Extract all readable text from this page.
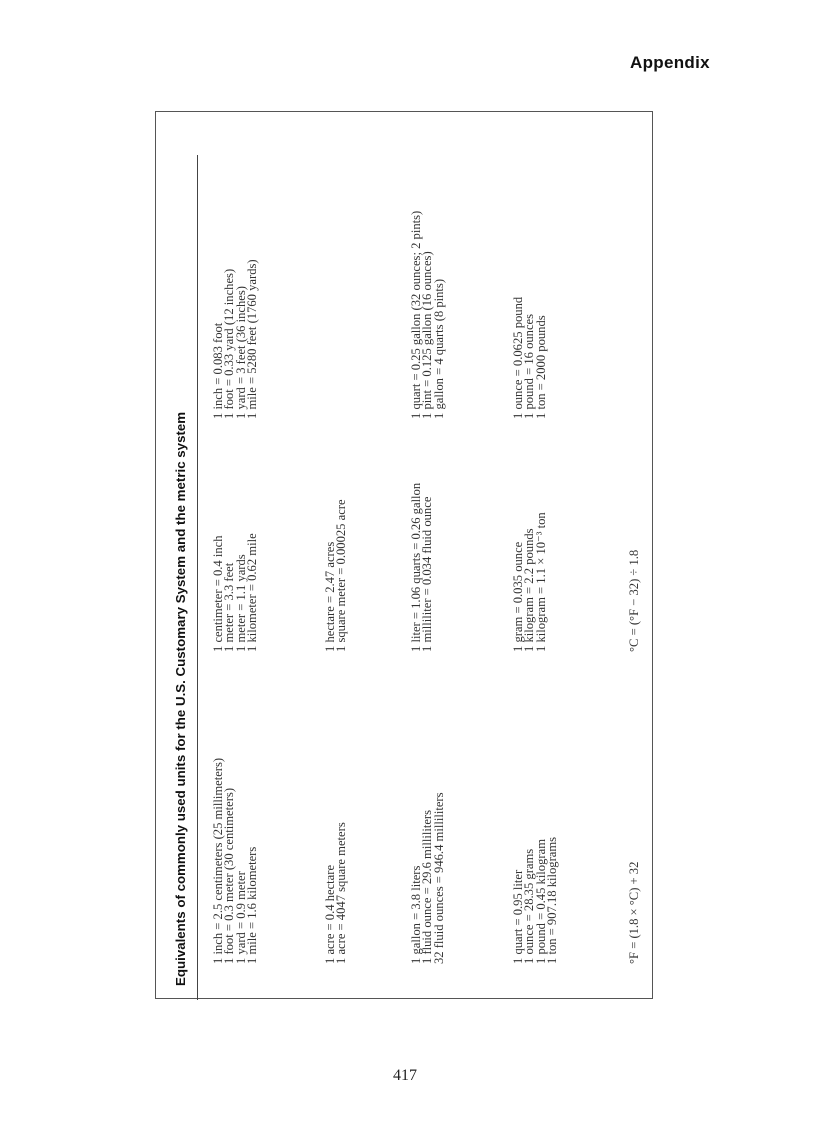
Appendix
Equivalents of commonly used units for the U.S. Customary System and the metric system 1 inch = 2.5 centimeters (25 millimeters)
1 foot = 0.3 meter (30 centimeters)
1 yard = 0.9 meter
1 mile = 1.6 kilometers
1 centimeter = 0.4 inch
1 meter = 3.3 feet
1 meter = 1.1 yards
1 kilometer = 0.62 mile
1 inch = 0.083 foot
1 foot = 0.33 yard (12 inches)
1 yard = 3 feet (36 inches)
1 mile = 5280 feet (1760 yards)
1 acre = 0.4 hectare
1 acre = 4047 square meters
1 hectare = 2.47 acres
1 square meter = 0.00025 acre
1 gallon = 3.8 liters
1 fluid ounce = 29.6 milliliters
32 fluid ounces = 946.4 milliliters
1 liter = 1.06 quarts = 0.26 gallon
1 milliliter = 0.034 fluid ounce
1 quart = 0.25 gallon (32 ounces; 2 pints)
1 pint = 0.125 gallon (16 ounces)
1 gallon = 4 quarts (8 pints)
1 quart = 0.95 liter
1 ounce = 28.35 grams
1 pound = 0.45 kilogram
1 ton = 907.18 kilograms
1 gram = 0.035 ounce
1 kilogram = 2.2 pounds
1 kilogram = 1.1 × 10⁻³ ton
1 ounce = 0.0625 pound
1 pound = 16 ounces
1 ton = 2000 pounds
°F = (1.8 × °C) + 32
°C = (°F − 32) ÷ 1.8
417
